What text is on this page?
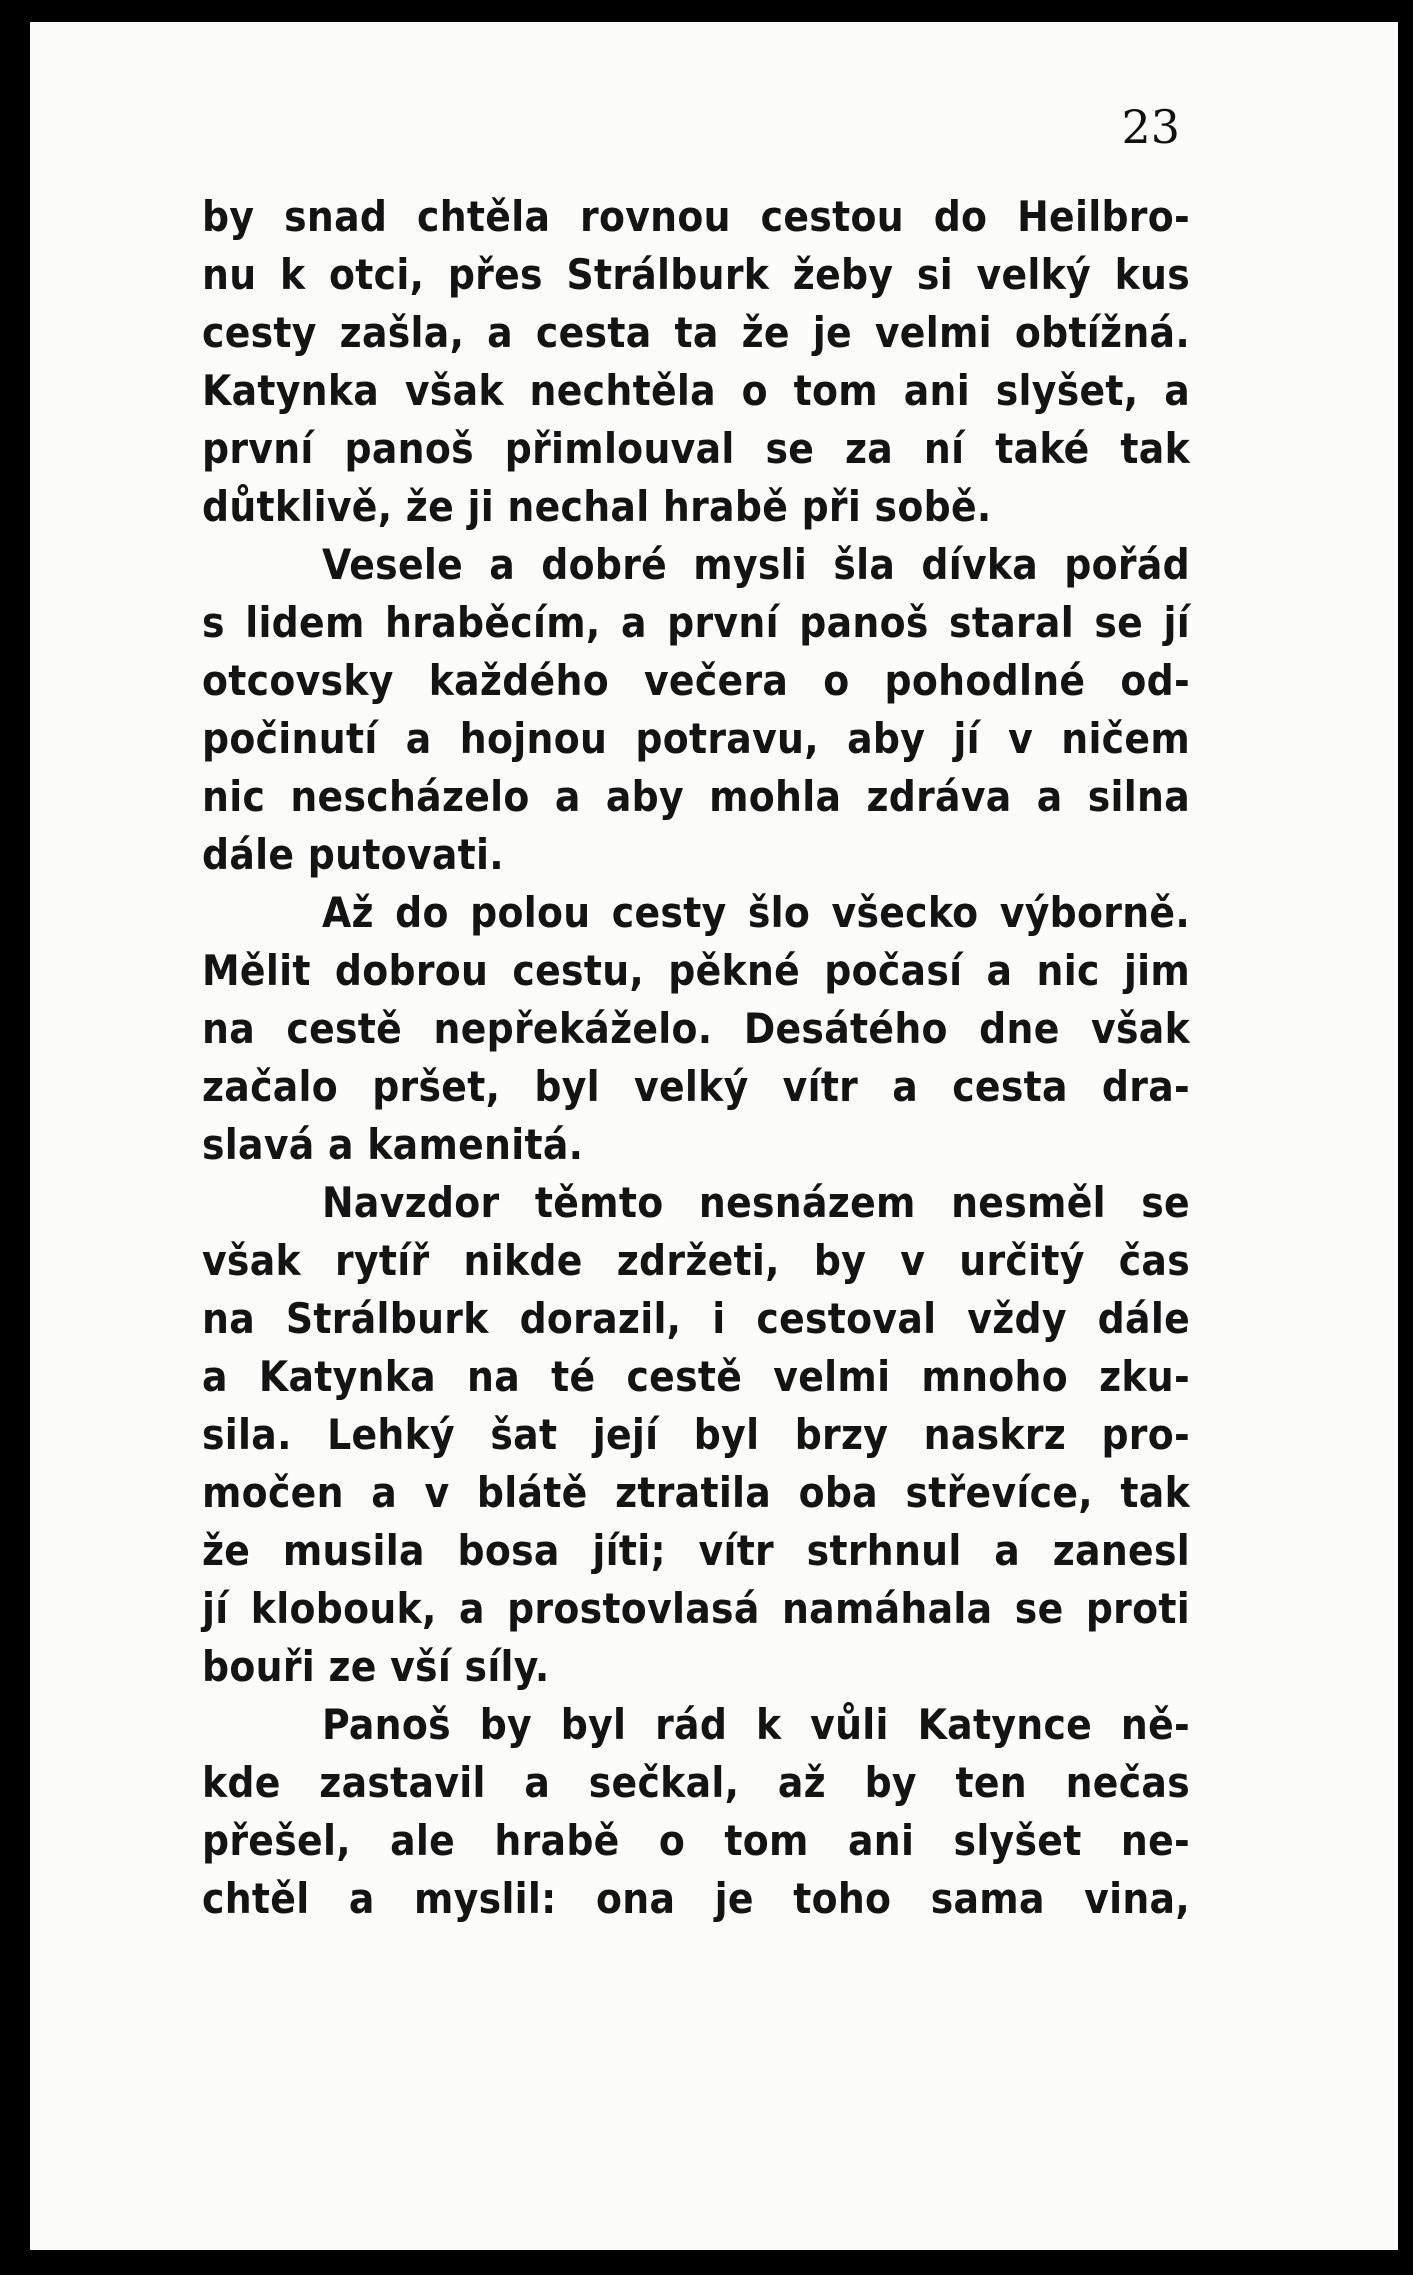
23
by snad chtěla rovnou cestou do Heilbro-
nu k otci, přes Strálburk žeby si velký kus
cesty zašla, a cesta ta že je velmi obtížná.
Katynka však nechtěla o tom ani slyšet, a
první panoš přimlouval se za ní také tak
důtklivě, že ji nechal hrabě při sobě.
Vesele a dobré mysli šla dívka pořád
s lidem hraběcím, a první panoš staral se jí
otcovsky každého večera o pohodlné od-
počinutí a hojnou potravu, aby jí v ničem
nic nescházelo a aby mohla zdráva a silna
dále putovati.
Až do polou cesty šlo všecko výborně.
Mělit dobrou cestu, pěkné počasí a nic jim
na cestě nepřekáželo. Desátého dne však
začalo pršet, byl velký vítr a cesta dra-
slavá a kamenitá.
Navzdor těmto nesnázem nesměl se
však rytíř nikde zdržeti, by v určitý čas
na Strálburk dorazil, i cestoval vždy dále
a Katynka na té cestě velmi mnoho zku-
sila. Lehký šat její byl brzy naskrz pro-
močen a v blátě ztratila oba střevíce, tak
že musila bosa jíti; vítr strhnul a zanesl
jí klobouk, a prostovlasá namáhala se proti
bouři ze vší síly.
Panoš by byl rád k vůli Katynce ně-
kde zastavil a sečkal, až by ten nečas
přešel, ale hrabě o tom ani slyšet ne-
chtěl a myslil: ona je toho sama vina,
